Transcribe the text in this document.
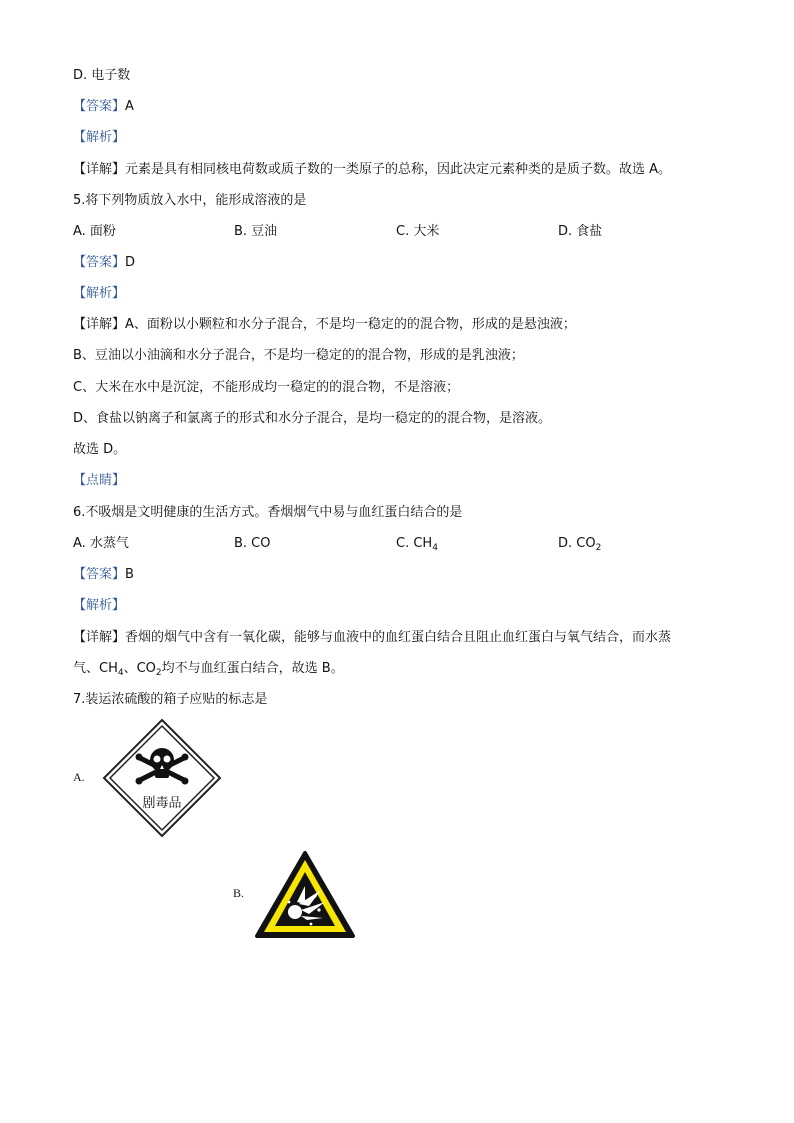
D. 电子数
【答案】A
【解析】
【详解】元素是具有相同核电荷数或质子数的一类原子的总称，因此决定元素种类的是质子数。故选 A。
5.将下列物质放入水中，能形成溶液的是
A. 面粉	B. 豆油	C. 大米	D. 食盐
【答案】D
【解析】
【详解】A、面粉以小颗粒和水分子混合，不是均一稳定的的混合物，形成的是悬浊液；
B、豆油以小油滴和水分子混合，不是均一稳定的的混合物，形成的是乳浊液；
C、大米在水中是沉淀，不能形成均一稳定的的混合物，不是溶液；
D、食盐以钠离子和氯离子的形式和水分子混合，是均一稳定的的混合物，是溶液。
故选 D。
【点睛】
6.不吸烟是文明健康的生活方式。香烟烟气中易与血红蛋白结合的是
A. 水蒸气	B. CO	C. $CH_4$	D. $CO_2$
【答案】B
【解析】
【详解】香烟的烟气中含有一氧化碳，能够与血液中的血红蛋白结合且阻止血红蛋白与氧气结合，而水蒸
气、$CH_4$、$CO_2$均不与血红蛋白结合，故选 B。
7.装运浓硫酸的箱子应贴的标志是
A.
剧毒品
B.
